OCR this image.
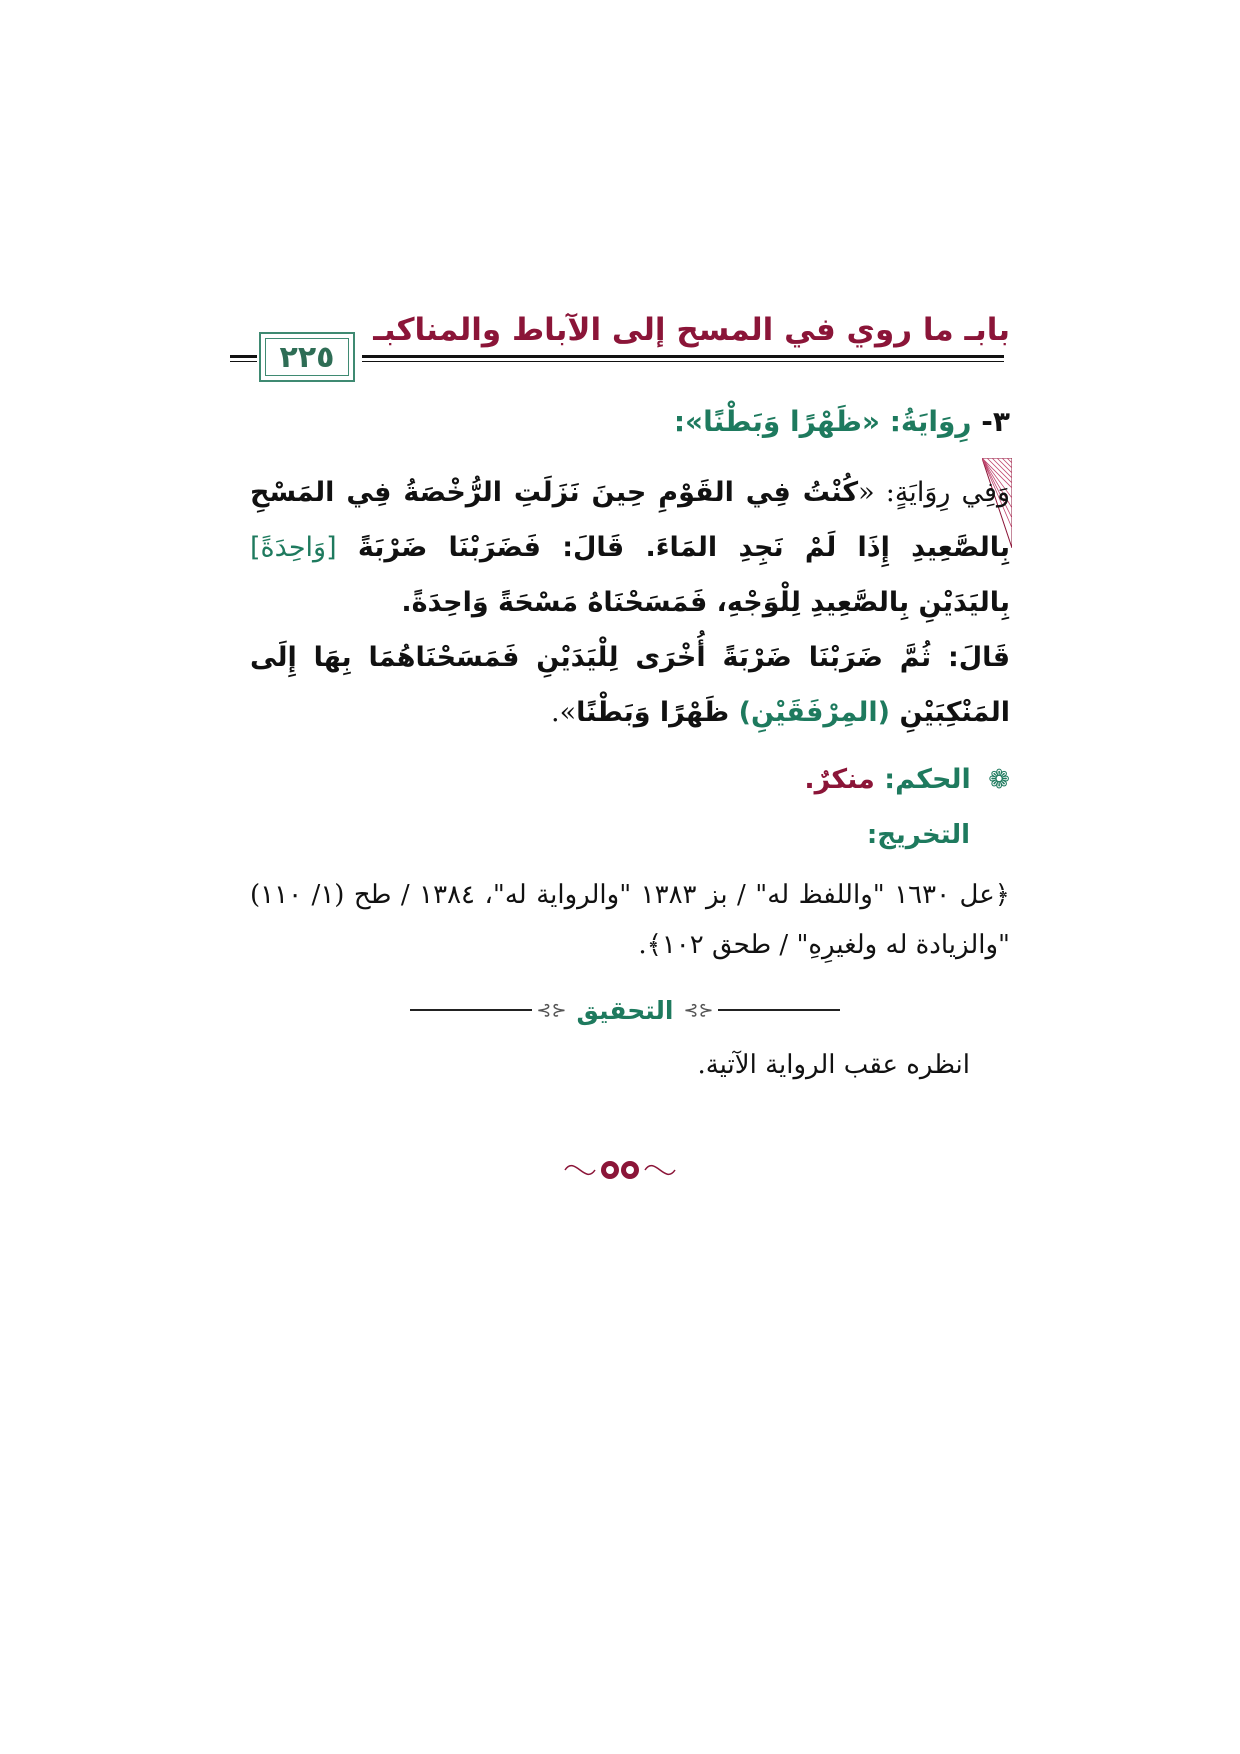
بابـ ما روي في المسح إلى الآباط والمناكبـ
٢٢٥
٣- رِوَايَةُ: «ظَهْرًا وَبَطْنًا»:
وَفِي رِوَايَةٍ: «كُنْتُ فِي القَوْمِ حِينَ نَزَلَتِ الرُّخْصَةُ فِي المَسْحِ بِالصَّعِيدِ إِذَا لَمْ نَجِدِ المَاءَ. قَالَ: فَضَرَبْنَا ضَرْبَةً [وَاحِدَةً] بِاليَدَيْنِ بِالصَّعِيدِ لِلْوَجْهِ، فَمَسَحْنَاهُ مَسْحَةً وَاحِدَةً.
قَالَ: ثُمَّ ضَرَبْنَا ضَرْبَةً أُخْرَى لِلْيَدَيْنِ فَمَسَحْنَاهُمَا بِهَا إِلَى المَنْكِبَيْنِ (المِرْفَقَيْنِ) ظَهْرًا وَبَطْنًا».
❁ الحكم: منكرٌ.
التخريج:
﴿عل ١٦٣٠ "واللفظ له" / بز ١٣٨٣ "والرواية له"، ١٣٨٤ / طح (١/ ١١٠) "والزيادة له ولغيرِهِ" / طحق ١٠٢﴾.
⊰⊱ التحقيق ⊰⊱
انظره عقب الرواية الآتية.
